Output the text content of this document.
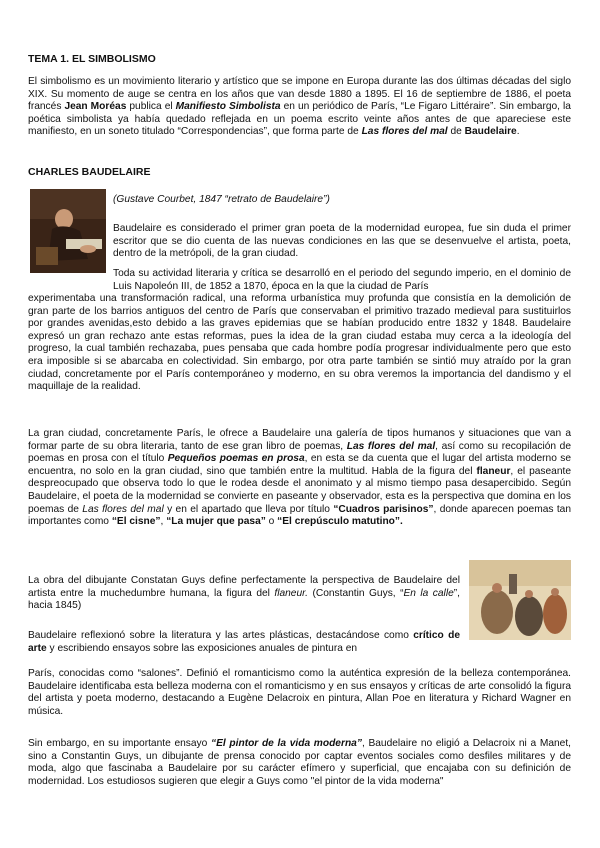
TEMA 1. EL SIMBOLISMO

El simbolismo es un movimiento literario y artístico que se impone en Europa durante las dos últimas décadas del siglo XIX. Su momento de auge se centra en los años que van desde 1880 a 1895. El 16 de septiembre de 1886, el poeta francés Jean Moréas publica el Manifiesto Simbolista en un periódico de París, “Le Figaro Littéraire”. Sin embargo, la poética simbolista ya había quedado reflejada en un poema escrito veinte años antes de que apareciese este manifiesto, en un soneto titulado “Correspondencias”, que forma parte de Las flores del mal de Baudelaire.

CHARLES BAUDELAIRE

(Gustave Courbet, 1847 “retrato de Baudelaire”)

Baudelaire es considerado el primer gran poeta de la modernidad europea, fue sin duda el primer escritor que se dio cuenta de las nuevas condiciones en las que se desenvuelve el artista, poeta, dentro de la metrópoli, de la gran ciudad.

Toda su actividad literaria y crítica se desarrolló en el periodo del segundo imperio, en el dominio de Luis Napoleón III, de 1852 a 1870, época en la que la ciudad de París

experimentaba una transformación radical, una reforma urbanística muy profunda que consistía en la demolición de gran parte de los barrios antiguos del centro de París que conservaban el primitivo trazado medieval para sustituirlos por grandes avenidas,esto debido a las graves epidemias que se habían producido entre 1832 y 1848. Baudelaire expresó un gran rechazo ante estas reformas, pues la idea de la gran ciudad estaba muy cerca a la ideología del progreso, la cual también rechazaba, pues pensaba que cada hombre podía progresar individualmente pero que esto era imposible si se abarcaba en colectividad. Sin embargo, por otra parte también se sintió muy atraído por la gran ciudad, concretamente por el París contemporáneo y moderno, en su obra veremos la importancia del dandismo y el maquillaje de la realidad.

La gran ciudad, concretamente París, le ofrece a Baudelaire una galería de tipos humanos y situaciones que van a formar parte de su obra literaria, tanto de ese gran libro de poemas, Las flores del mal, así como su recopilación de poemas en prosa con el título Pequeños poemas en prosa, en esta se da cuenta que el lugar del artista moderno se encuentra, no solo en la gran ciudad, sino que también entre la multitud. Habla de la figura del flaneur, el paseante despreocupado que observa todo lo que le rodea desde el anonimato y al mismo tiempo pasa desapercibido. Según Baudelaire, el poeta de la modernidad se convierte en paseante y observador, esta es la perspectiva que domina en los poemas de Las flores del mal y en el apartado que lleva por título “Cuadros parisinos”, donde aparecen poemas tan importantes como “El cisne”, “La mujer que pasa” o “El crepúsculo matutino”.

La obra del dibujante Constatan Guys define perfectamente la perspectiva de Baudelaire del artista entre la muchedumbre humana, la figura del flaneur. (Constantin Guys, “En la calle”, hacia 1845)

Baudelaire reflexionó sobre la literatura y las artes plásticas, destacándose como crítico de arte y escribiendo ensayos sobre las exposiciones anuales de pintura en

París, conocidas como “salones”. Definió el romanticismo como la auténtica expresión de la belleza contemporánea. Baudelaire identificaba esta belleza moderna con el romanticismo y en sus ensayos y críticas de arte consolidó la figura del artista y poeta moderno, destacando a Eugène Delacroix en pintura, Allan Poe en literatura y Richard Wagner en música.

Sin embargo, en su importante ensayo “El pintor de la vida moderna”, Baudelaire no eligió a Delacroix ni a Manet, sino a Constantin Guys, un dibujante de prensa conocido por captar eventos sociales como desfiles militares y de moda, algo que fascinaba a Baudelaire por su carácter efímero y superficial, que encajaba con su definición de modernidad. Los estudiosos sugieren que elegir a Guys como "el pintor de la vida moderna"
